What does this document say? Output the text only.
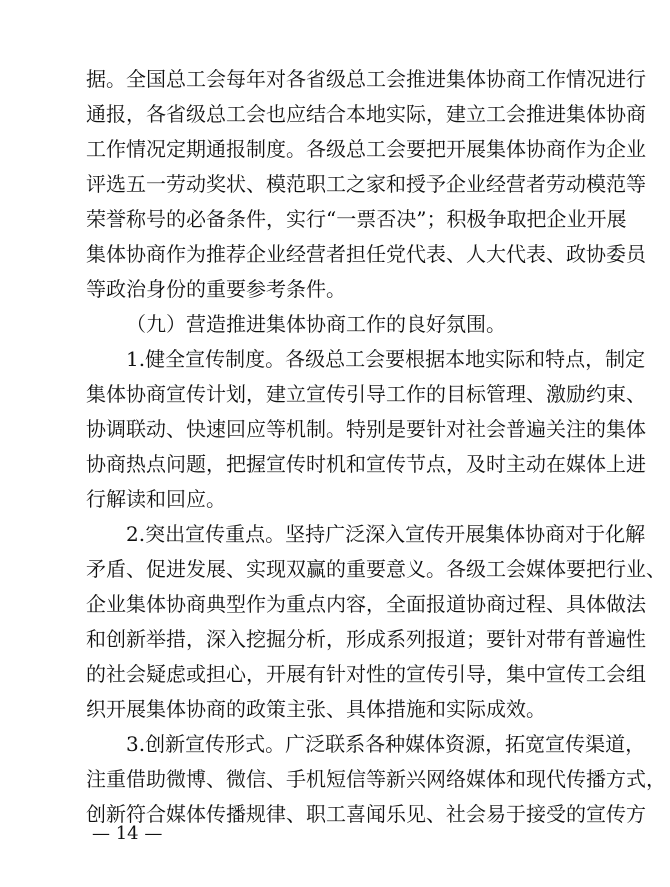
据。全国总工会每年对各省级总工会推进集体协商工作情况进行
通报，各省级总工会也应结合本地实际，建立工会推进集体协商
工作情况定期通报制度。各级总工会要把开展集体协商作为企业
评选五一劳动奖状、模范职工之家和授予企业经营者劳动模范等
荣誉称号的必备条件，实行“一票否决”；积极争取把企业开展
集体协商作为推荐企业经营者担任党代表、人大代表、政协委员
等政治身份的重要参考条件。
（九）营造推进集体协商工作的良好氛围。
1.健全宣传制度。各级总工会要根据本地实际和特点，制定
集体协商宣传计划，建立宣传引导工作的目标管理、激励约束、
协调联动、快速回应等机制。特别是要针对社会普遍关注的集体
协商热点问题，把握宣传时机和宣传节点，及时主动在媒体上进
行解读和回应。
2.突出宣传重点。坚持广泛深入宣传开展集体协商对于化解
矛盾、促进发展、实现双赢的重要意义。各级工会媒体要把行业、
企业集体协商典型作为重点内容，全面报道协商过程、具体做法
和创新举措，深入挖掘分析，形成系列报道；要针对带有普遍性
的社会疑虑或担心，开展有针对性的宣传引导，集中宣传工会组
织开展集体协商的政策主张、具体措施和实际成效。
3.创新宣传形式。广泛联系各种媒体资源，拓宽宣传渠道，
注重借助微博、微信、手机短信等新兴网络媒体和现代传播方式，
创新符合媒体传播规律、职工喜闻乐见、社会易于接受的宣传方
— 14 —
